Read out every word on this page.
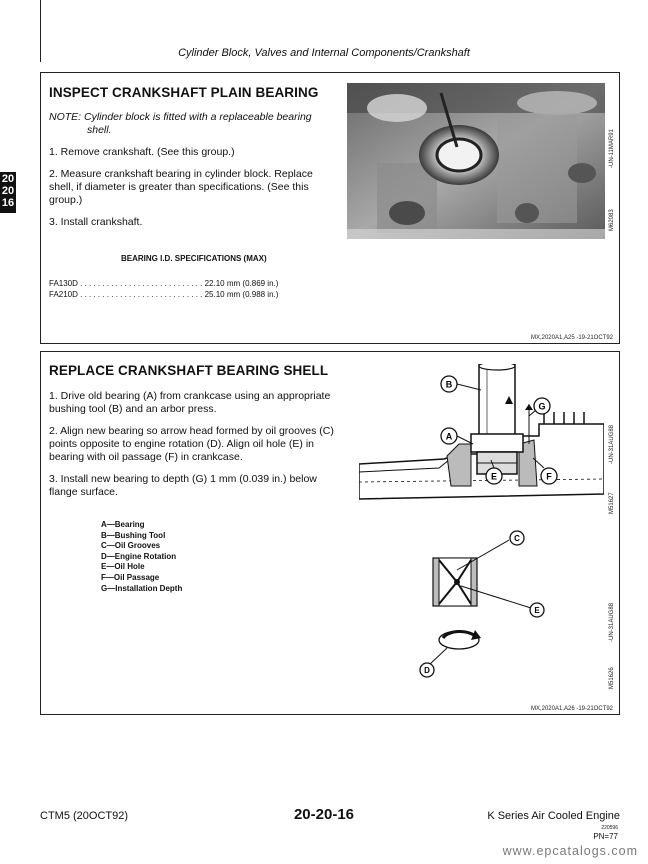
Cylinder Block, Valves and Internal Components/Crankshaft
20
20
16
INSPECT CRANKSHAFT PLAIN BEARING

NOTE: Cylinder block is fitted with a replaceable bearing shell.

1. Remove crankshaft. (See this group.)

2. Measure crankshaft bearing in cylinder block. Replace shell, if diameter is greater than specifications. (See this group.)

3. Install crankshaft.

BEARING I.D. SPECIFICATIONS (MAX)
FA130D . . . . . . . . . . . . . . . . . . . . . . . . . . . . 22.10 mm (0.869 in.)
FA210D . . . . . . . . . . . . . . . . . . . . . . . . . . . . 25.10 mm (0.988 in.)
-UN-11MAR91
M62083
MX,2020A1,A25 -19-21OCT92
REPLACE CRANKSHAFT BEARING SHELL

1. Drive old bearing (A) from crankcase using an appropriate bushing tool (B) and an arbor press.

2. Align new bearing so arrow head formed by oil grooves (C) points opposite to engine rotation (D). Align oil hole (E) in bearing with oil passage (F) in crankcase.

3. Install new bearing to depth (G) 1 mm (0.039 in.) below flange surface.

A—Bearing
B—Bushing Tool
C—Oil Grooves
D—Engine Rotation
E—Oil Hole
F—Oil Passage
G—Installation Depth
B
A
E	F
G
-UN-31AUG88
M51627
C
E
D
-UN-31AUG88
M51626
MX,2020A1,A26 -19-21OCT92
CTM5 (20OCT92)	20-20-16	K Series Air Cooled Engine
220596
PN=77
www.epcatalogs.com
